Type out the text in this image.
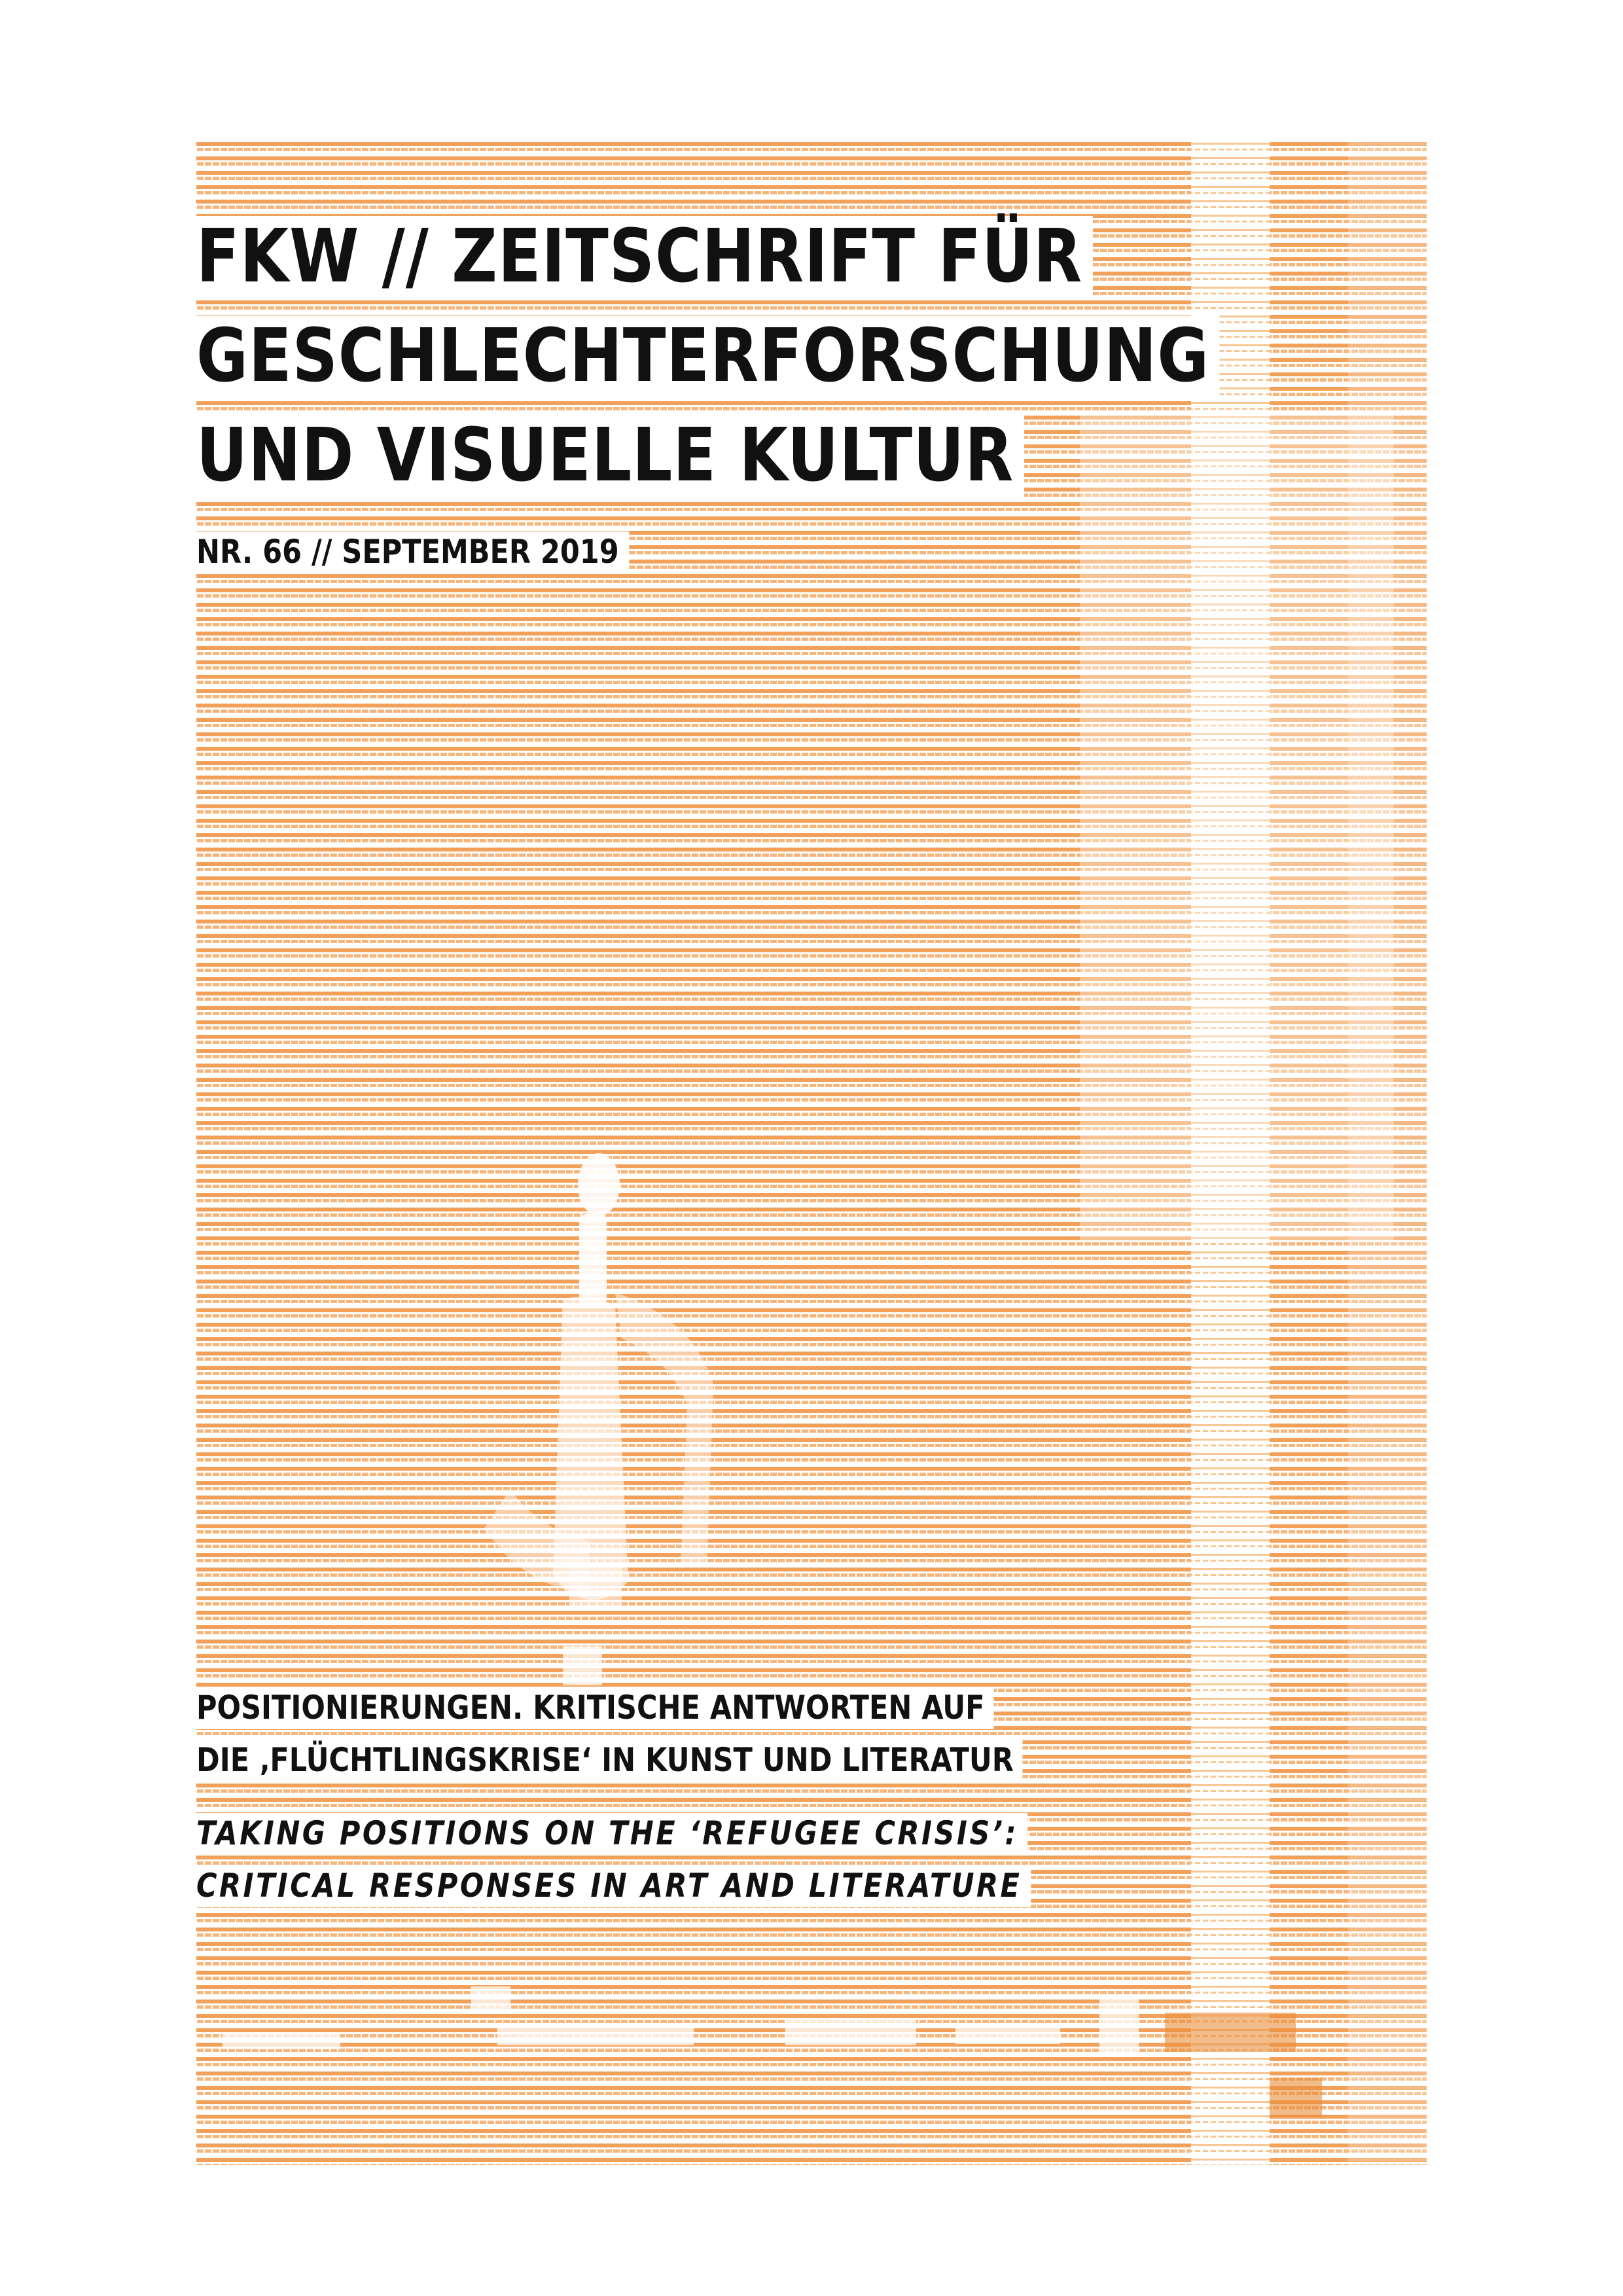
FKW // ZEITSCHRIFT FÜR
GESCHLECHTERFORSCHUNG
UND VISUELLE KULTUR
NR. 66 // SEPTEMBER 2019
POSITIONIERUNGEN. KRITISCHE ANTWORTEN AUF
DIE ‚FLÜCHTLINGSKRISE‘ IN KUNST UND LITERATUR
TAKING POSITIONS ON THE ‘REFUGEE CRISIS’:
CRITICAL RESPONSES IN ART AND LITERATURE
